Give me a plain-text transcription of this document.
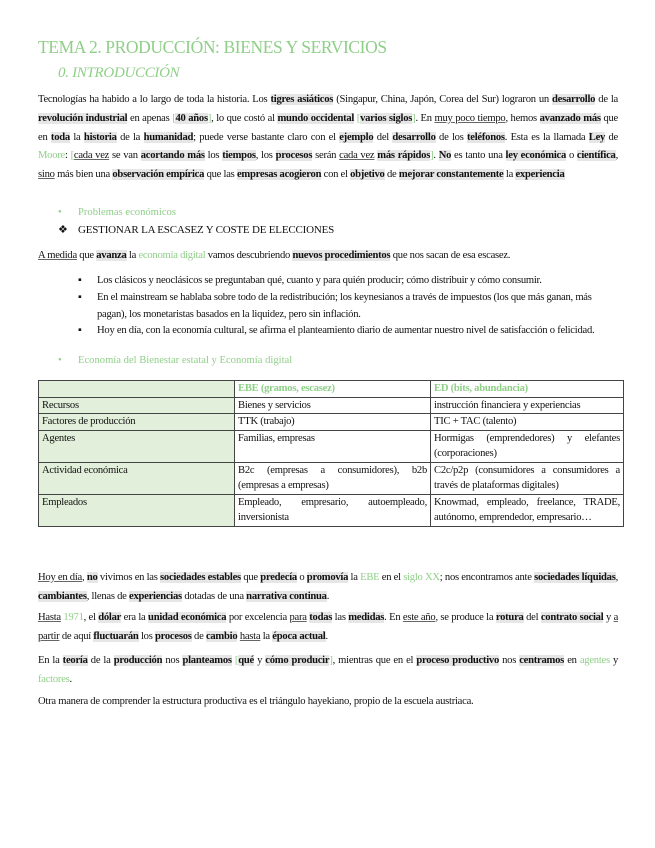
TEMA 2. PRODUCCIÓN: BIENES Y SERVICIOS
0. INTRODUCCIÓN
Tecnologías ha habido a lo largo de toda la historia. Los tigres asiáticos (Singapur, China, Japón, Corea del Sur) lograron un desarrollo de la revolución industrial en apenas [40 años], lo que costó al mundo occidental [varios siglos]. En muy poco tiempo, hemos avanzado más que en toda la historia de la humanidad; puede verse bastante claro con el ejemplo del desarrollo de los teléfonos. Esta es la llamada Ley de Moore: [cada vez se van acortando más los tiempos, los procesos serán cada vez más rápidos]. No es tanto una ley económica o científica, sino más bien una observación empírica que las empresas acogieron con el objetivo de mejorar constantemente la experiencia
• Problemas económicos
❖ GESTIONAR LA ESCASEZ Y COSTE DE ELECCIONES
A medida que avanza la economía digital vamos descubriendo nuevos procedimientos que nos sacan de esa escasez.
▪ Los clásicos y neoclásicos se preguntaban qué, cuanto y para quién producir; cómo distribuir y cómo consumir.
▪ En el mainstream se hablaba sobre todo de la redistribución; los keynesianos a través de impuestos (los que más ganan, más pagan), los monetaristas basados en la liquidez, pero sin inflación.
▪ Hoy en día, con la economía cultural, se afirma el planteamiento diario de aumentar nuestro nivel de satisfacción o felicidad.
• Economía del Bienestar estatal y Economía digital
	EBE (gramos, escasez)	ED (bits, abundancia)
Recursos	Bienes y servicios	instrucción financiera y experiencias
Factores de producción	TTK (trabajo)	TIC + TAC (talento)
Agentes	Familias, empresas	Hormigas (emprendedores) y elefantes (corporaciones)
Actividad económica	B2c (empresas a consumidores), b2b (empresas a empresas)	C2c/p2p (consumidores a consumidores a través de plataformas digitales)
Empleados	Empleado, empresario, autoempleado, inversionista	Knowmad, empleado, freelance, TRADE, autónomo, emprendedor, empresario…
Hoy en día, no vivimos en las sociedades estables que predecía o promovía la EBE en el siglo XX; nos encontramos ante sociedades líquidas, cambiantes, llenas de experiencias dotadas de una narrativa continua.
Hasta 1971, el dólar era la unidad económica por excelencia para todas las medidas. En este año, se produce la rotura del contrato social y a partir de aquí fluctuarán los procesos de cambio hasta la época actual.
En la teoría de la producción nos planteamos [qué y cómo producir], mientras que en el proceso productivo nos centramos en agentes y factores.
Otra manera de comprender la estructura productiva es el triángulo hayekiano, propio de la escuela austriaca.
